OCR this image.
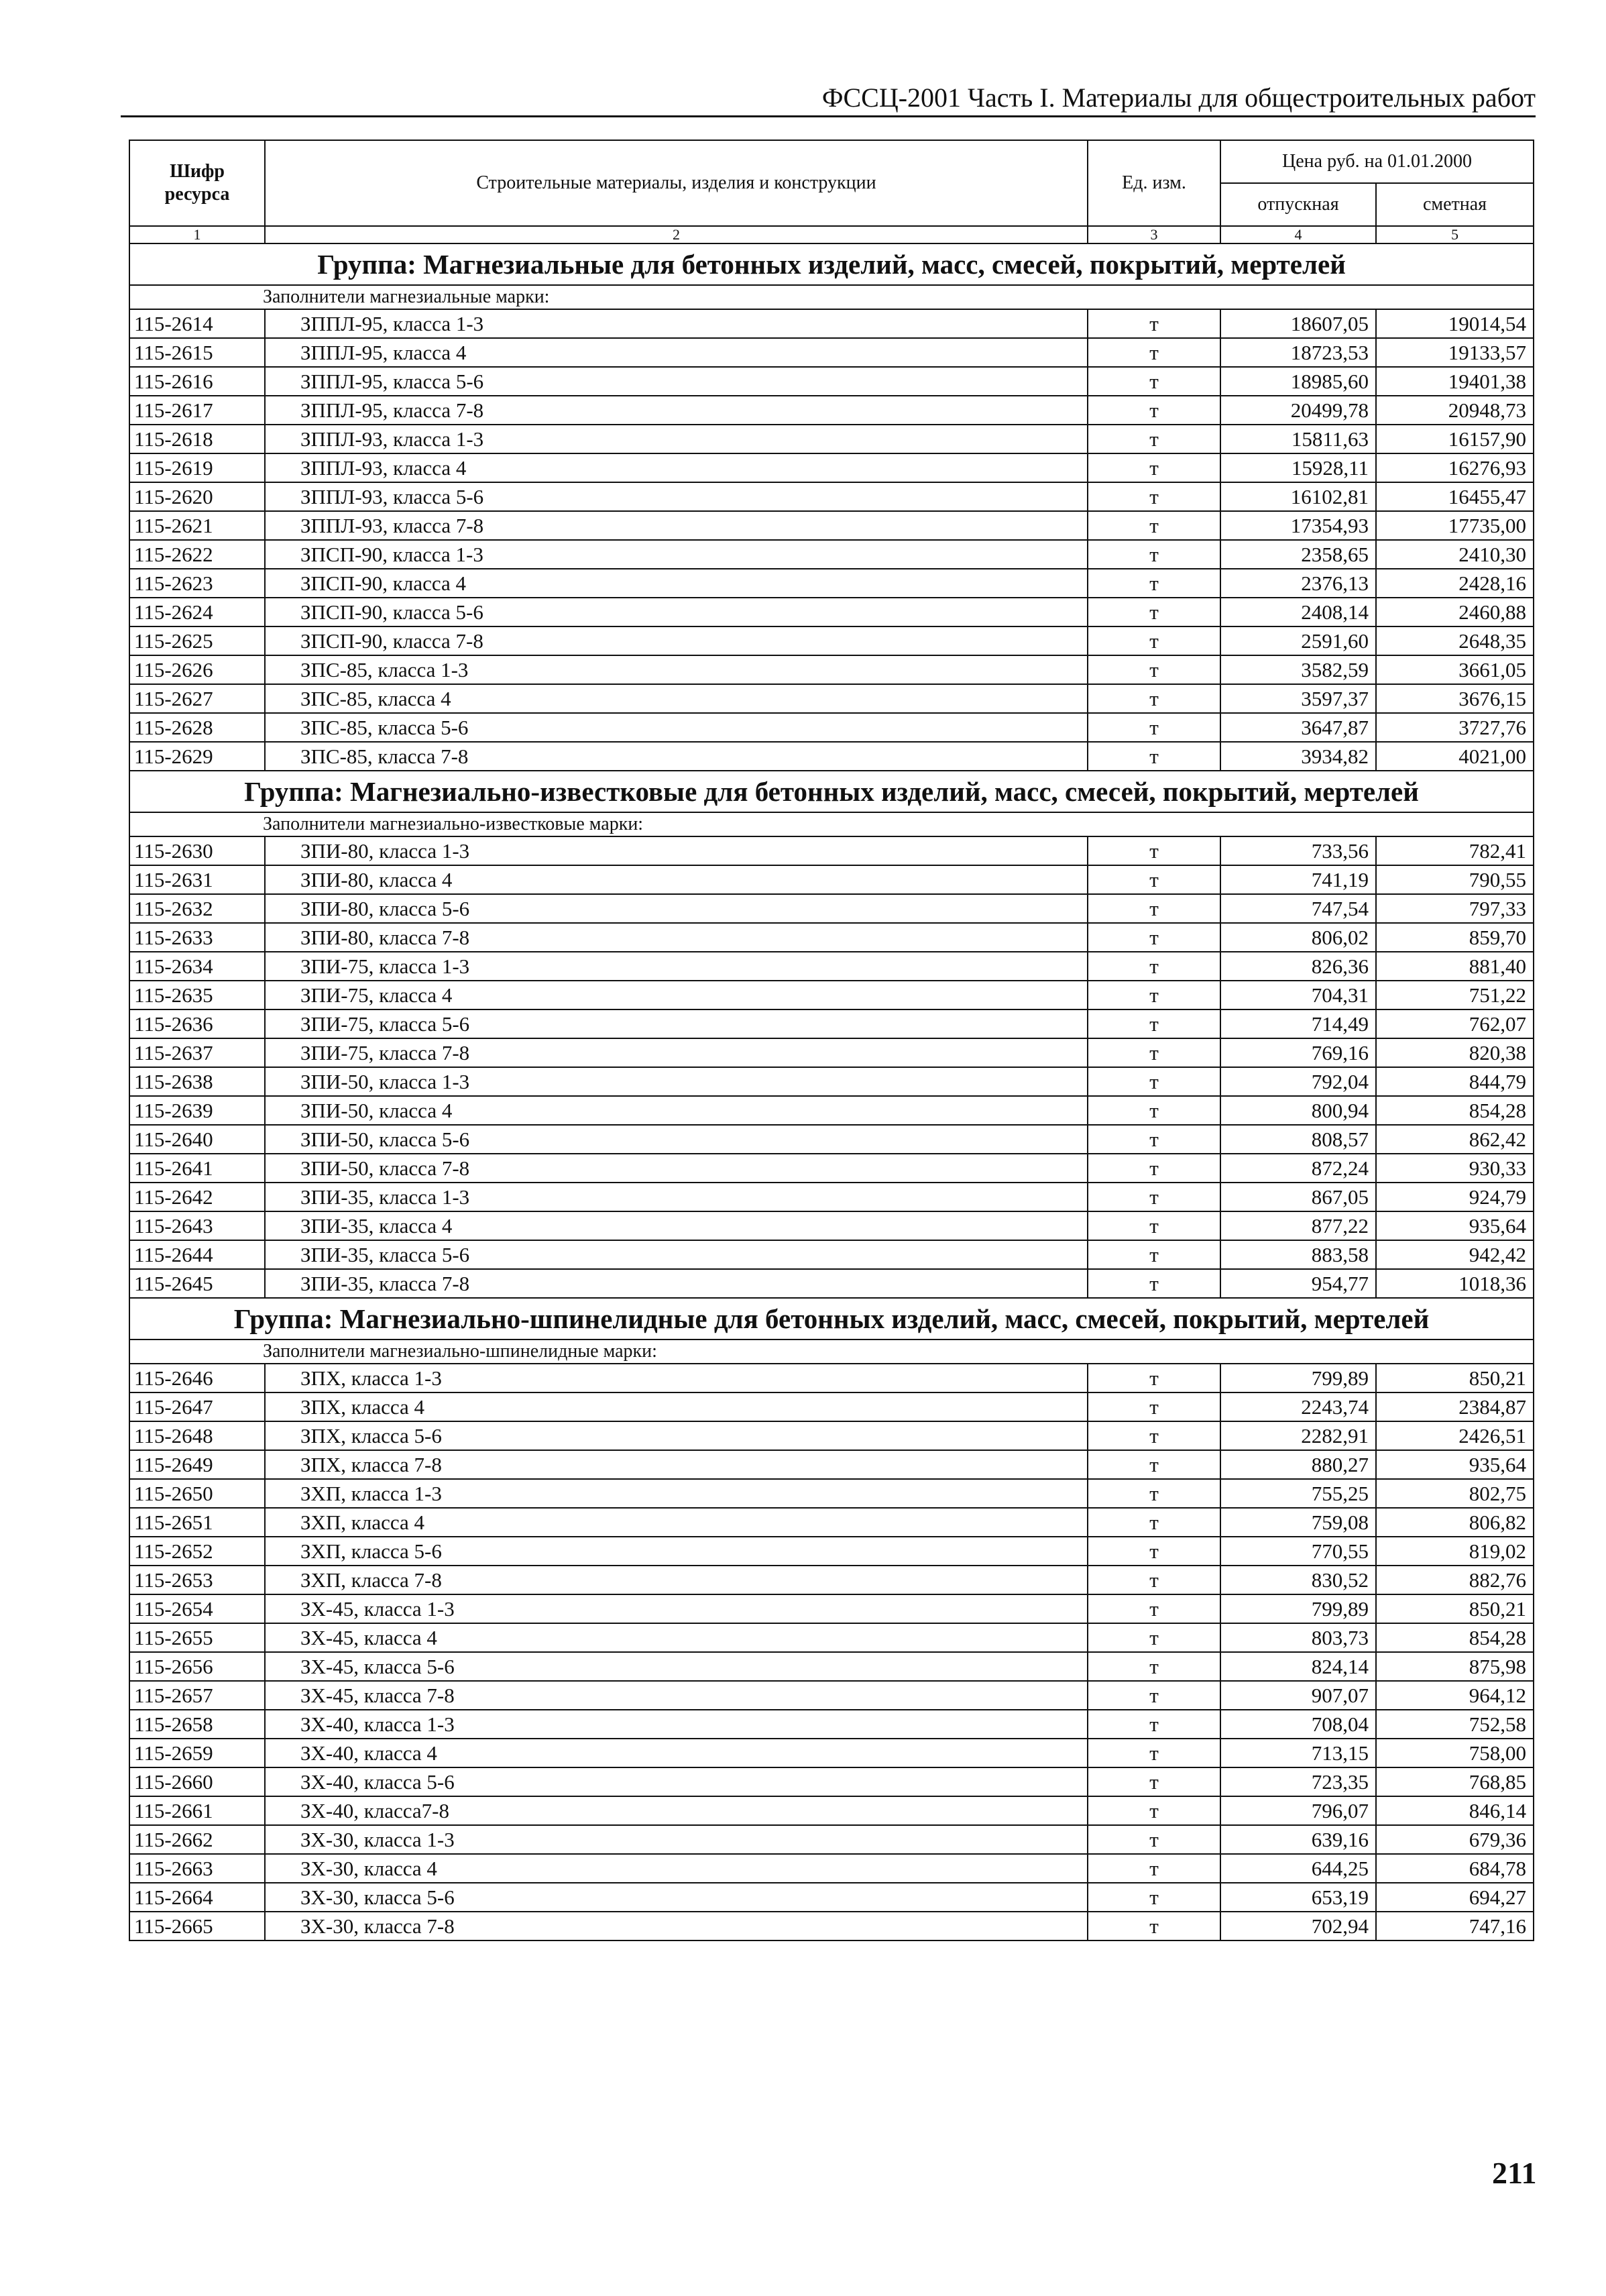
ФССЦ-2001 Часть I. Материалы для общестроительных работ
Шифр ресурса	Строительные материалы, изделия и конструкции	Ед. изм.	Цена руб. на 01.01.2000	
			отпускная	сметная
1	2	3	4	5
Группа: Магнезиальные для бетонных изделий, масс, смесей, покрытий, мертелей				
Заполнители магнезиальные марки:				
115-2614	ЗППЛ-95, класса 1-3	т	18607,05	19014,54
115-2615	ЗППЛ-95, класса 4	т	18723,53	19133,57
115-2616	ЗППЛ-95, класса 5-6	т	18985,60	19401,38
115-2617	ЗППЛ-95, класса 7-8	т	20499,78	20948,73
115-2618	ЗППЛ-93, класса 1-3	т	15811,63	16157,90
115-2619	ЗППЛ-93, класса 4	т	15928,11	16276,93
115-2620	ЗППЛ-93, класса 5-6	т	16102,81	16455,47
115-2621	ЗППЛ-93, класса 7-8	т	17354,93	17735,00
115-2622	ЗПСП-90, класса 1-3	т	2358,65	2410,30
115-2623	ЗПСП-90, класса 4	т	2376,13	2428,16
115-2624	ЗПСП-90, класса 5-6	т	2408,14	2460,88
115-2625	ЗПСП-90, класса 7-8	т	2591,60	2648,35
115-2626	ЗПС-85, класса 1-3	т	3582,59	3661,05
115-2627	ЗПС-85, класса 4	т	3597,37	3676,15
115-2628	ЗПС-85, класса 5-6	т	3647,87	3727,76
115-2629	ЗПС-85, класса 7-8	т	3934,82	4021,00
Группа: Магнезиально-известковые для бетонных изделий, масс, смесей, покрытий, мертелей				
Заполнители магнезиально-известковые марки:				
115-2630	ЗПИ-80, класса 1-3	т	733,56	782,41
115-2631	ЗПИ-80, класса 4	т	741,19	790,55
115-2632	ЗПИ-80, класса 5-6	т	747,54	797,33
115-2633	ЗПИ-80, класса 7-8	т	806,02	859,70
115-2634	ЗПИ-75, класса 1-3	т	826,36	881,40
115-2635	ЗПИ-75, класса 4	т	704,31	751,22
115-2636	ЗПИ-75, класса 5-6	т	714,49	762,07
115-2637	ЗПИ-75, класса 7-8	т	769,16	820,38
115-2638	ЗПИ-50, класса 1-3	т	792,04	844,79
115-2639	ЗПИ-50, класса 4	т	800,94	854,28
115-2640	ЗПИ-50, класса 5-6	т	808,57	862,42
115-2641	ЗПИ-50, класса 7-8	т	872,24	930,33
115-2642	ЗПИ-35, класса 1-3	т	867,05	924,79
115-2643	ЗПИ-35, класса 4	т	877,22	935,64
115-2644	ЗПИ-35, класса 5-6	т	883,58	942,42
115-2645	ЗПИ-35, класса 7-8	т	954,77	1018,36
Группа: Магнезиально-шпинелидные для бетонных изделий, масс, смесей, покрытий, мертелей				
Заполнители магнезиально-шпинелидные марки:				
115-2646	ЗПХ, класса 1-3	т	799,89	850,21
115-2647	ЗПХ, класса 4	т	2243,74	2384,87
115-2648	ЗПХ, класса 5-6	т	2282,91	2426,51
115-2649	ЗПХ, класса 7-8	т	880,27	935,64
115-2650	ЗХП, класса 1-3	т	755,25	802,75
115-2651	ЗХП, класса 4	т	759,08	806,82
115-2652	ЗХП, класса 5-6	т	770,55	819,02
115-2653	ЗХП, класса 7-8	т	830,52	882,76
115-2654	ЗХ-45, класса 1-3	т	799,89	850,21
115-2655	ЗХ-45, класса 4	т	803,73	854,28
115-2656	ЗХ-45, класса 5-6	т	824,14	875,98
115-2657	ЗХ-45, класса 7-8	т	907,07	964,12
115-2658	ЗХ-40, класса 1-3	т	708,04	752,58
115-2659	ЗХ-40, класса 4	т	713,15	758,00
115-2660	ЗХ-40, класса 5-6	т	723,35	768,85
115-2661	ЗХ-40, класса7-8	т	796,07	846,14
115-2662	ЗХ-30, класса 1-3	т	639,16	679,36
115-2663	ЗХ-30, класса 4	т	644,25	684,78
115-2664	ЗХ-30, класса 5-6	т	653,19	694,27
115-2665	ЗХ-30, класса 7-8	т	702,94	747,16
211
